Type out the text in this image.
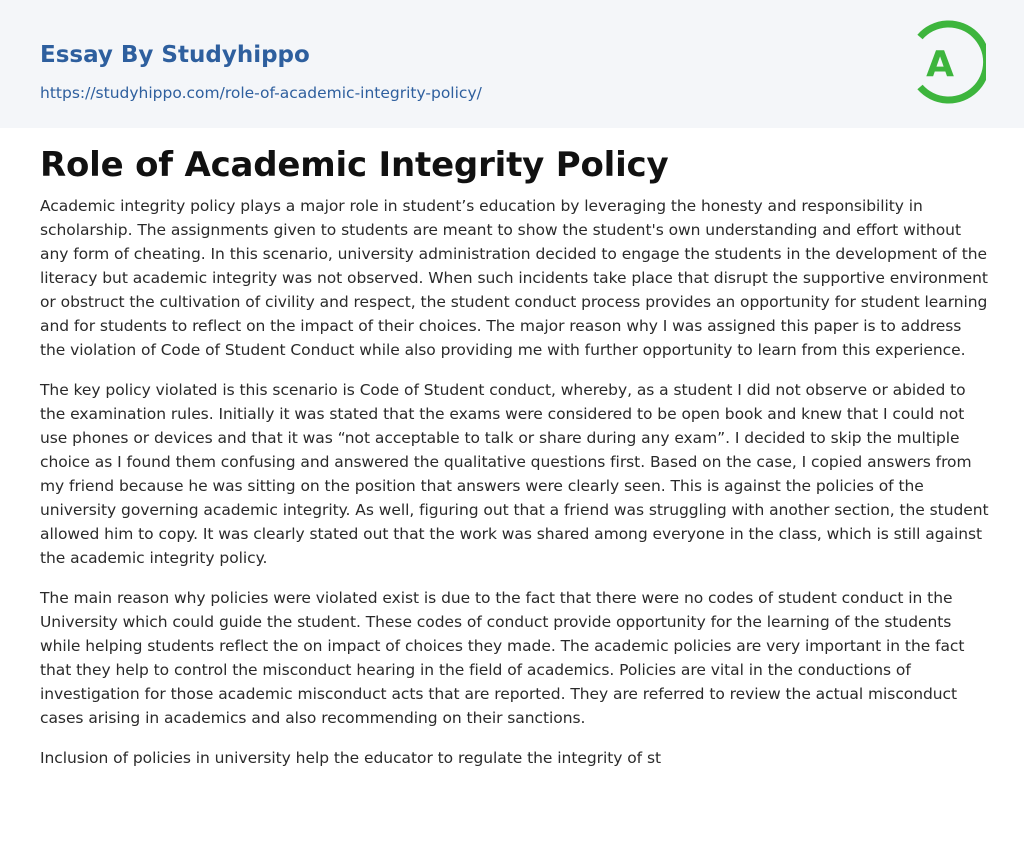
Essay By Studyhippo
https://studyhippo.com/role-of-academic-integrity-policy/
A
Role of Academic Integrity Policy

Academic integrity policy plays a major role in student’s education by leveraging the honesty and responsibility in scholarship. The assignments given to students are meant to show the student's own understanding and effort without any form of cheating. In this scenario, university administration decided to engage the students in the development of the literacy but academic integrity was not observed. When such incidents take place that disrupt the supportive environment or obstruct the cultivation of civility and respect, the student conduct process provides an opportunity for student learning and for students to reflect on the impact of their choices. The major reason why I was assigned this paper is to address the violation of Code of Student Conduct while also providing me with further opportunity to learn from this experience.

The key policy violated is this scenario is Code of Student conduct, whereby, as a student I did not observe or abided to the examination rules. Initially it was stated that the exams were considered to be open book and knew that I could not use phones or devices and that it was “not acceptable to talk or share during any exam”. I decided to skip the multiple choice as I found them confusing and answered the qualitative questions first. Based on the case, I copied answers from my friend because he was sitting on the position that answers were clearly seen. This is against the policies of the university governing academic integrity. As well, figuring out that a friend was struggling with another section, the student allowed him to copy. It was clearly stated out that the work was shared among everyone in the class, which is still against the academic integrity policy.

The main reason why policies were violated exist is due to the fact that there were no codes of student conduct in the University which could guide the student. These codes of conduct provide opportunity for the learning of the students while helping students reflect the on impact of choices they made. The academic policies are very important in the fact that they help to control the misconduct hearing in the field of academics. Policies are vital in the conductions of investigation for those academic misconduct acts that are reported. They are referred to review the actual misconduct cases arising in academics and also recommending on their sanctions.

Inclusion of policies in university help the educator to regulate the integrity of st
